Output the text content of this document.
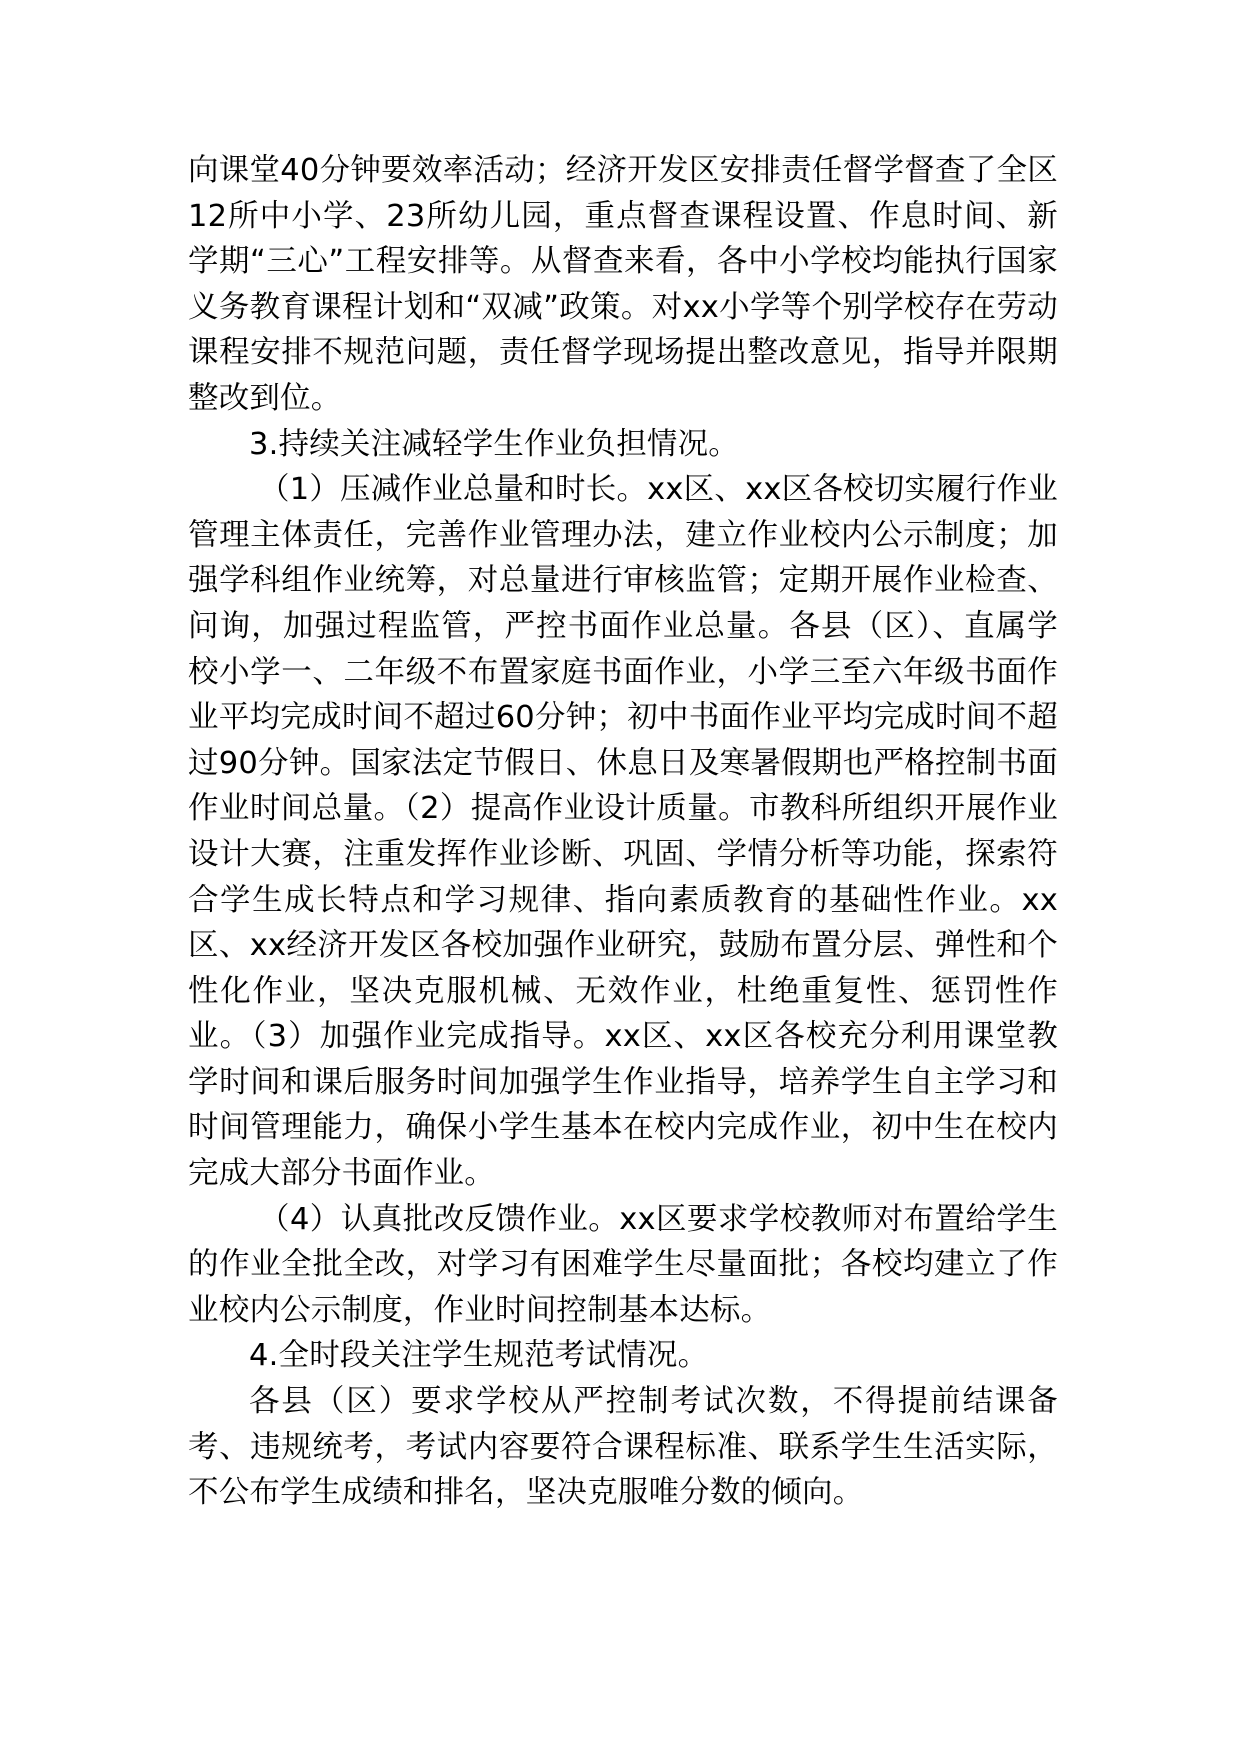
向课堂40分钟要效率活动；经济开发区安排责任督学督查了全区12所中小学、23所幼儿园，重点督查课程设置、作息时间、新学期“三心”工程安排等。从督查来看，各中小学校均能执行国家义务教育课程计划和“双减”政策。对xx小学等个别学校存在劳动课程安排不规范问题，责任督学现场提出整改意见，指导并限期整改到位。

3.持续关注减轻学生作业负担情况。

（1）压减作业总量和时长。xx区、xx区各校切实履行作业管理主体责任，完善作业管理办法，建立作业校内公示制度；加强学科组作业统筹，对总量进行审核监管；定期开展作业检查、问询，加强过程监管，严控书面作业总量。各县（区）、直属学校小学一、二年级不布置家庭书面作业，小学三至六年级书面作业平均完成时间不超过60分钟；初中书面作业平均完成时间不超过90分钟。国家法定节假日、休息日及寒暑假期也严格控制书面作业时间总量。（2）提高作业设计质量。市教科所组织开展作业设计大赛，注重发挥作业诊断、巩固、学情分析等功能，探索符合学生成长特点和学习规律、指向素质教育的基础性作业。xx区、xx经济开发区各校加强作业研究，鼓励布置分层、弹性和个性化作业，坚决克服机械、无效作业，杜绝重复性、惩罚性作业。（3）加强作业完成指导。xx区、xx区各校充分利用课堂教学时间和课后服务时间加强学生作业指导，培养学生自主学习和时间管理能力，确保小学生基本在校内完成作业，初中生在校内完成大部分书面作业。

（4）认真批改反馈作业。xx区要求学校教师对布置给学生的作业全批全改，对学习有困难学生尽量面批；各校均建立了作业校内公示制度，作业时间控制基本达标。

4.全时段关注学生规范考试情况。

各县（区）要求学校从严控制考试次数，不得提前结课备考、违规统考，考试内容要符合课程标准、联系学生生活实际，不公布学生成绩和排名，坚决克服唯分数的倾向。
